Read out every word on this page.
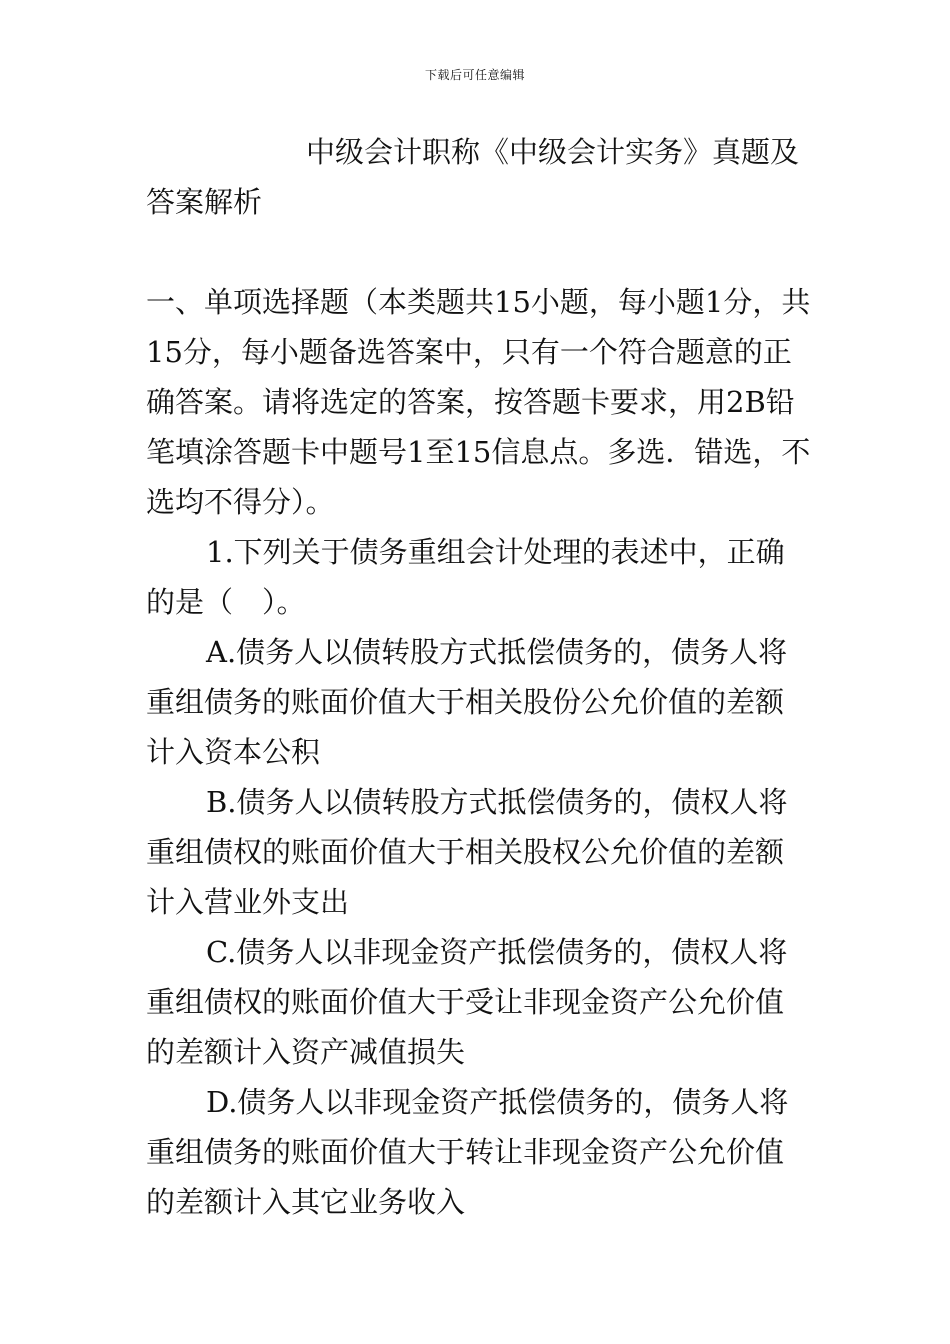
下载后可任意编辑
中级会计职称《中级会计实务》真题及答案解析

一、单项选择题（本类题共15小题，每小题1分，共15分，每小题备选答案中，只有一个符合题意的正确答案。请将选定的答案，按答题卡要求，用2B铅笔填涂答题卡中题号1至15信息点。多选．错选，不选均不得分）。

1.下列关于债务重组会计处理的表述中，正确的是（　）。

A.债务人以债转股方式抵偿债务的，债务人将重组债务的账面价值大于相关股份公允价值的差额计入资本公积

B.债务人以债转股方式抵偿债务的，债权人将重组债权的账面价值大于相关股权公允价值的差额计入营业外支出

C.债务人以非现金资产抵偿债务的，债权人将重组债权的账面价值大于受让非现金资产公允价值的差额计入资产减值损失

D.债务人以非现金资产抵偿债务的，债务人将重组债务的账面价值大于转让非现金资产公允价值的差额计入其它业务收入
